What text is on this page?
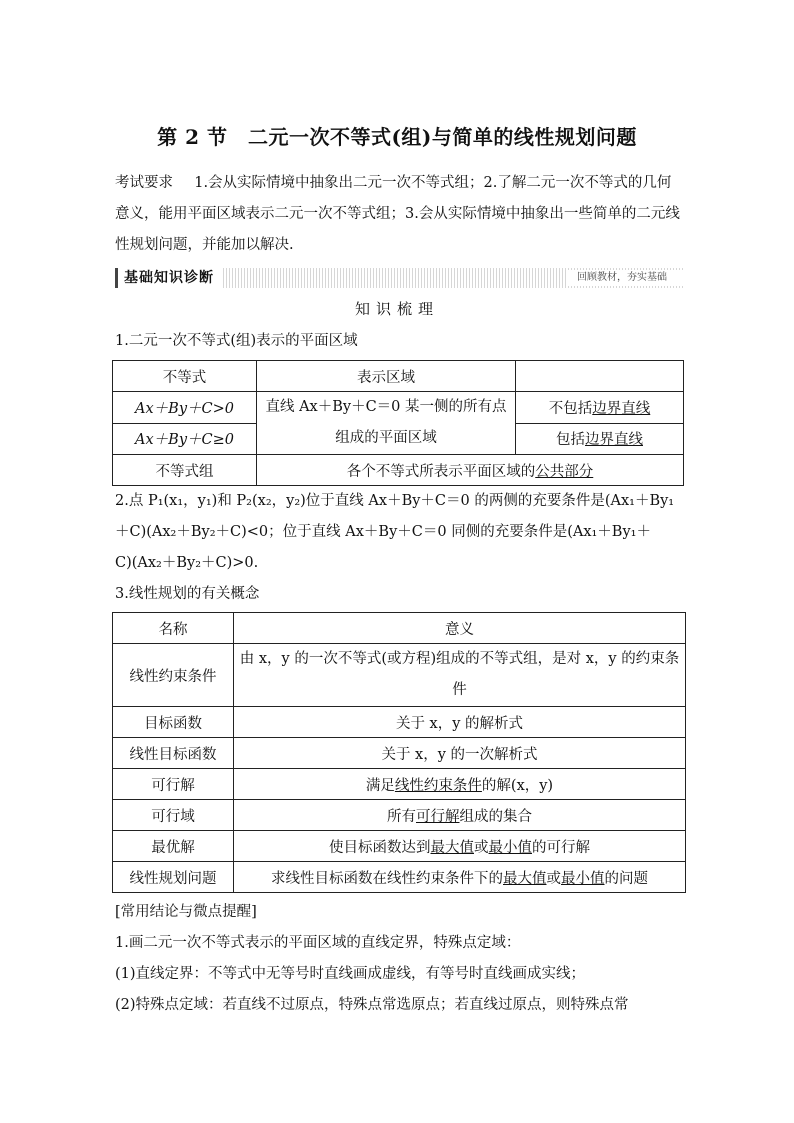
第 2 节　二元一次不等式(组)与简单的线性规划问题
考试要求 1.会从实际情境中抽象出二元一次不等式组；2.了解二元一次不等式的几何意义，能用平面区域表示二元一次不等式组；3.会从实际情境中抽象出一些简单的二元线性规划问题，并能加以解决.
基础知识诊断	回顾教材，夯实基础
知识梳理
1.二元一次不等式(组)表示的平面区域
不等式	表示区域	
Ax＋By＋C>0	直线 Ax＋By＋C＝0 某一侧的所有点组成的平面区域	不包括边界直线
Ax＋By＋C≥0		包括边界直线
不等式组	各个不等式所表示平面区域的公共部分	
2.点 P₁(x₁，y₁)和 P₂(x₂，y₂)位于直线 Ax＋By＋C＝0 的两侧的充要条件是(Ax₁＋By₁
＋C)(Ax₂＋By₂＋C)<0；位于直线 Ax＋By＋C＝0 同侧的充要条件是(Ax₁＋By₁＋
C)(Ax₂＋By₂＋C)>0.
3.线性规划的有关概念
名称	意义
线性约束条件	由 x，y 的一次不等式(或方程)组成的不等式组，是对 x，y 的约束条件
目标函数	关于 x，y 的解析式
线性目标函数	关于 x，y 的一次解析式
可行解	满足线性约束条件的解(x，y)
可行域	所有可行解组成的集合
最优解	使目标函数达到最大值或最小值的可行解
线性规划问题	求线性目标函数在线性约束条件下的最大值或最小值的问题
[常用结论与微点提醒]
1.画二元一次不等式表示的平面区域的直线定界，特殊点定域：
(1)直线定界：不等式中无等号时直线画成虚线，有等号时直线画成实线；
(2)特殊点定域：若直线不过原点，特殊点常选原点；若直线过原点，则特殊点常
